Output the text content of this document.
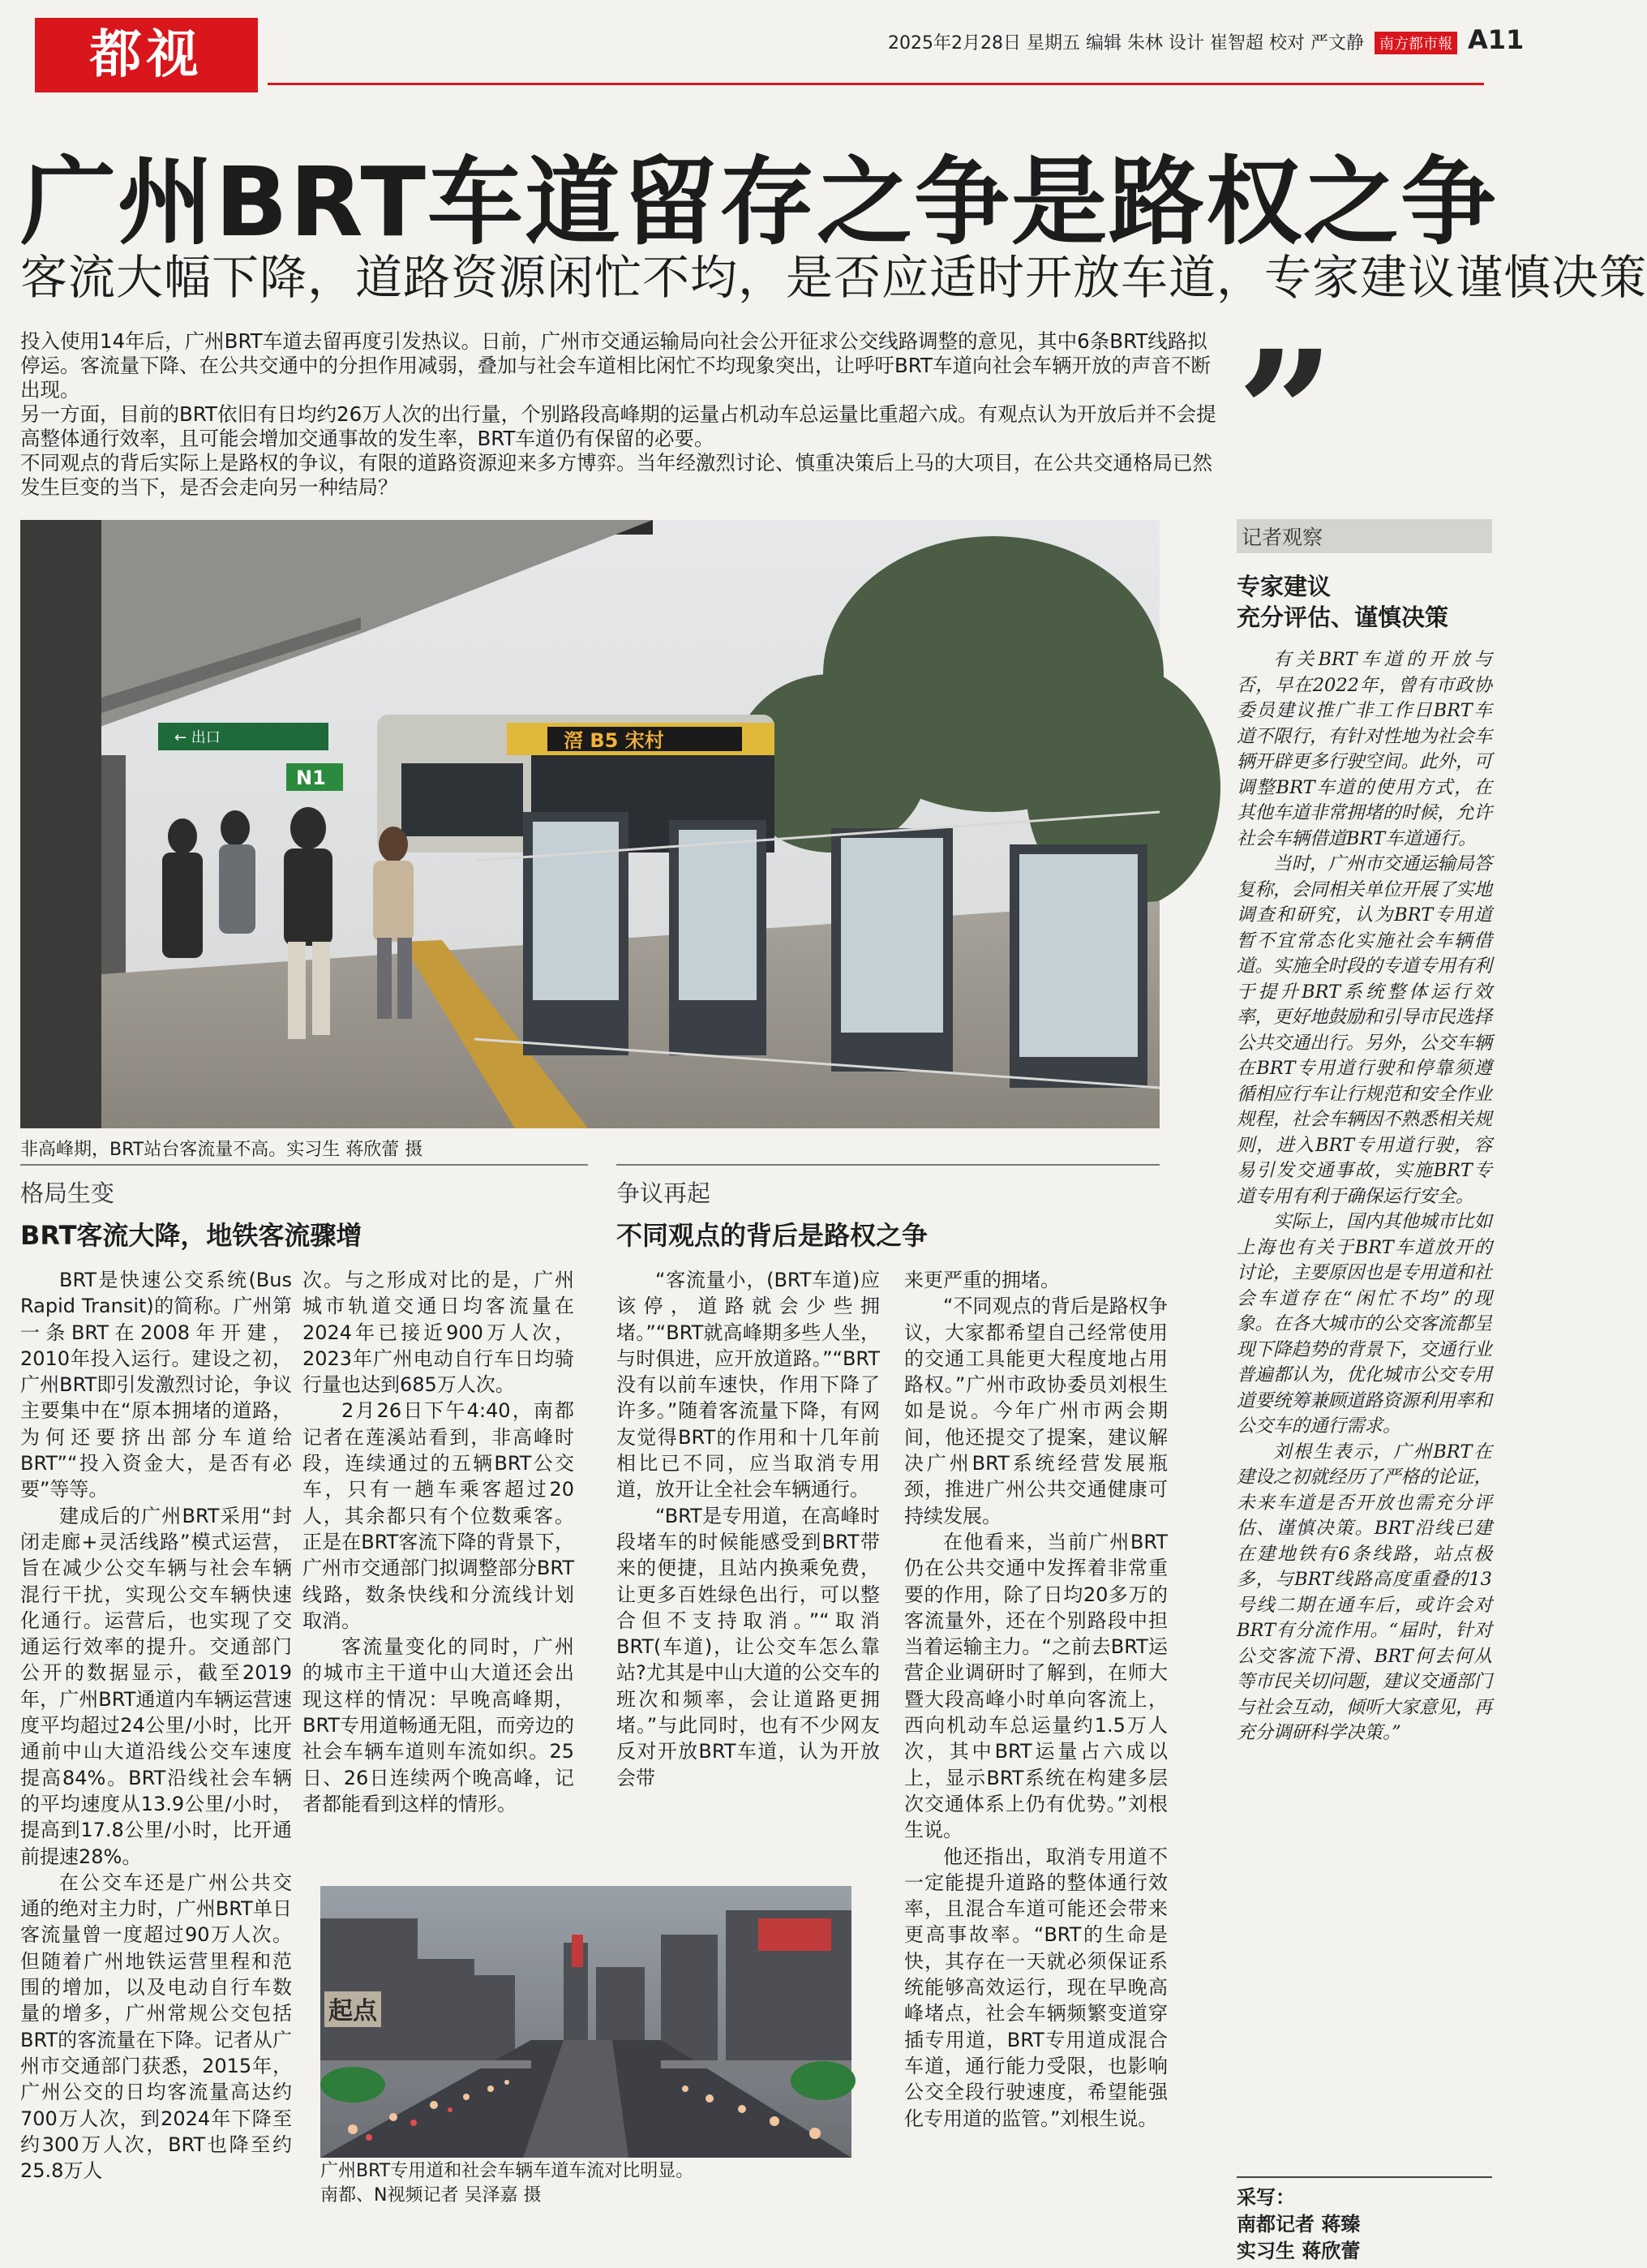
都视	2025年2月28日 星期五 编辑 朱林 设计 崔智超 校对 严文静 南方都市報 A11
广州BRT车道留存之争是路权之争
客流大幅下降，道路资源闲忙不均，是否应适时开放车道，专家建议谨慎决策

投入使用14年后，广州BRT车道去留再度引发热议。日前，广州市交通运输局向社会公开征求公交线路调整的意见，其中6条BRT线路拟停运。客流量下降、在公共交通中的分担作用减弱，叠加与社会车道相比闲忙不均现象突出，让呼吁BRT车道向社会车辆开放的声音不断出现。

另一方面，目前的BRT依旧有日均约26万人次的出行量，个别路段高峰期的运量占机动车总运量比重超六成。有观点认为开放后并不会提高整体通行效率，且可能会增加交通事故的发生率，BRT车道仍有保留的必要。

不同观点的背后实际上是路权的争议，有限的道路资源迎来多方博弈。当年经激烈讨论、慎重决策后上马的大项目，在公共交通格局已然发生巨变的当下，是否会走向另一种结局？	”
← 出口
N1
滘 B5 宋村
非高峰期，BRT站台客流量不高。实习生 蒋欣蕾 摄
格局生变
BRT客流大降，地铁客流骤增

BRT是快速公交系统(Bus Rapid Transit)的简称。广州第一条BRT在2008年开建，2010年投入运行。建设之初，广州BRT即引发激烈讨论，争议主要集中在“原本拥堵的道路，为何还要挤出部分车道给BRT”“投入资金大，是否有必要”等等。

建成后的广州BRT采用“封闭走廊+灵活线路”模式运营，旨在减少公交车辆与社会车辆混行干扰，实现公交车辆快速化通行。运营后，也实现了交通运行效率的提升。交通部门公开的数据显示，截至2019年，广州BRT通道内车辆运营速度平均超过24公里/小时，比开通前中山大道沿线公交车速度提高84%。BRT沿线社会车辆的平均速度从13.9公里/小时，提高到17.8公里/小时，比开通前提速28%。

在公交车还是广州公共交通的绝对主力时，广州BRT单日客流量曾一度超过90万人次。但随着广州地铁运营里程和范围的增加，以及电动自行车数量的增多，广州常规公交包括BRT的客流量在下降。记者从广州市交通部门获悉，2015年，广州公交的日均客流量高达约700万人次，到2024年下降至约300万人次，BRT也降至约25.8万人

次。与之形成对比的是，广州城市轨道交通日均客流量在2024年已接近900万人次，2023年广州电动自行车日均骑行量也达到685万人次。

2月26日下午4:40，南都记者在莲溪站看到，非高峰时段，连续通过的五辆BRT公交车，只有一趟车乘客超过20人，其余都只有个位数乘客。正是在BRT客流下降的背景下，广州市交通部门拟调整部分BRT线路，数条快线和分流线计划取消。

客流量变化的同时，广州的城市主干道中山大道还会出现这样的情况：早晚高峰期，BRT专用道畅通无阻，而旁边的社会车辆车道则车流如织。25日、26日连续两个晚高峰，记者都能看到这样的情形。

争议再起
不同观点的背后是路权之争

“客流量小，(BRT车道)应该停，道路就会少些拥堵。”“BRT就高峰期多些人坐，与时俱进，应开放道路。”“BRT没有以前车速快，作用下降了许多。”随着客流量下降，有网友觉得BRT的作用和十几年前相比已不同，应当取消专用道，放开让全社会车辆通行。

“BRT是专用道，在高峰时段堵车的时候能感受到BRT带来的便捷，且站内换乘免费，让更多百姓绿色出行，可以整合但不支持取消。”“取消BRT(车道)，让公交车怎么靠站?尤其是中山大道的公交车的班次和频率，会让道路更拥堵。”与此同时，也有不少网友反对开放BRT车道，认为开放会带

来更严重的拥堵。

“不同观点的背后是路权争议，大家都希望自己经常使用的交通工具能更大程度地占用路权。”广州市政协委员刘根生如是说。今年广州市两会期间，他还提交了提案，建议解决广州BRT系统经营发展瓶颈，推进广州公共交通健康可持续发展。

在他看来，当前广州BRT仍在公共交通中发挥着非常重要的作用，除了日均20多万的客流量外，还在个别路段中担当着运输主力。“之前去BRT运营企业调研时了解到，在师大暨大段高峰小时单向客流上，西向机动车总运量约1.5万人次，其中BRT运量占六成以上，显示BRT系统在构建多层次交通体系上仍有优势。”刘根生说。

他还指出，取消专用道不一定能提升道路的整体通行效率，且混合车道可能还会带来更高事故率。“BRT的生命是快，其存在一天就必须保证系统能够高效运行，现在早晚高峰堵点，社会车辆频繁变道穿插专用道，BRT专用道成混合车道，通行能力受限，也影响公交全段行驶速度，希望能强化专用道的监管。”刘根生说。

起点
广州BRT专用道和社会车辆车道车流对比明显。
南都、N视频记者 吴泽嘉 摄
记者观察
专家建议
充分评估、谨慎决策

有关BRT车道的开放与否，早在2022年，曾有市政协委员建议推广非工作日BRT车道不限行，有针对性地为社会车辆开辟更多行驶空间。此外，可调整BRT车道的使用方式，在其他车道非常拥堵的时候，允许社会车辆借道BRT车道通行。

当时，广州市交通运输局答复称，会同相关单位开展了实地调查和研究，认为BRT专用道暂不宜常态化实施社会车辆借道。实施全时段的专道专用有利于提升BRT系统整体运行效率，更好地鼓励和引导市民选择公共交通出行。另外，公交车辆在BRT专用道行驶和停靠须遵循相应行车让行规范和安全作业规程，社会车辆因不熟悉相关规则，进入BRT专用道行驶，容易引发交通事故，实施BRT专道专用有利于确保运行安全。

实际上，国内其他城市比如上海也有关于BRT车道放开的讨论，主要原因也是专用道和社会车道存在“闲忙不均”的现象。在各大城市的公交客流都呈现下降趋势的背景下，交通行业普遍都认为，优化城市公交专用道要统筹兼顾道路资源利用率和公交车的通行需求。

刘根生表示，广州BRT在建设之初就经历了严格的论证，未来车道是否开放也需充分评估、谨慎决策。BRT沿线已建在建地铁有6条线路，站点极多，与BRT线路高度重叠的13号线二期在通车后，或许会对BRT有分流作用。“届时，针对公交客流下滑、BRT何去何从等市民关切问题，建议交通部门与社会互动，倾听大家意见，再充分调研科学决策。”

采写：
南都记者 蒋臻
实习生 蒋欣蕾
